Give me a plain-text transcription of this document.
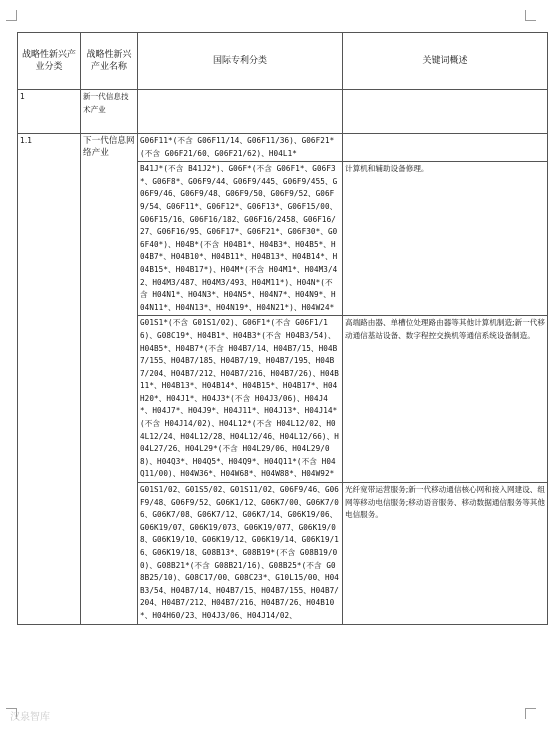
战略性新兴产业分类	战略性新兴产业名称	国际专利分类	关键词概述
1	新一代信息技术产业		
1.1	下一代信息网络产业	G06F11*(不含 G06F11/14、G06F11/36)、G06F21*(不含 G06F21/60、G06F21/62)、H04L1*	
		B41J*(不含 B41J2*)、G06F*(不含 G06F1*、G06F3*、G06F8*、G06F9/44、G06F9/445、G06F9/455、G06F9/46、G06F9/48、G06F9/50、G06F9/52、G06F9/54、G06F11*、G06F12*、G06F13*、G06F15/00、G06F15/16、G06F16/182、G06F16/2458、G06F16/27、G06F16/95、G06F17*、G06F21*、G06F30*、G06F40*)、H04B*(不含 H04B1*、H04B3*、H04B5*、H04B7*、H04B10*、H04B11*、H04B13*、H04B14*、H04B15*、H04B17*)、H04M*(不含 H04M1*、H04M3/42、H04M3/487、H04M3/493、H04M11*)、H04N*(不含 H04N1*、H04N3*、H04N5*、H04N7*、H04N9*、H04N11*、H04N13*、H04N19*、H04N21*)、H04W24*	计算机和辅助设备修理。
		G01S1*(不含 G01S1/02)、G06F1*(不含 G06F1/16)、G08C19*、H04B1*、H04B3*(不含 H04B3/54)、H04B5*、H04B7*(不含 H04B7/14、H04B7/15、H04B7/155、H04B7/185、H04B7/19、H04B7/195、H04B7/204、H04B7/212、H04B7/216、H04B7/26)、H04B11*、H04B13*、H04B14*、H04B15*、H04B17*、H04H20*、H04J1*、H04J3*(不含 H04J3/06)、H04J4*、H04J7*、H04J9*、H04J11*、H04J13*、H04J14*(不含 H04J14/02)、H04L12*(不含 H04L12/02、H04L12/24、H04L12/28、H04L12/46、H04L12/66)、H04L27/26、H04L29*(不含 H04L29/06、H04L29/08)、H04Q3*、H04Q5*、H04Q9*、H04Q11*(不含 H04Q11/00)、H04W36*、H04W68*、H04W88*、H04W92*	高端路由器、单槽位处理路由器等其他计算机制造;新一代移动通信基站设备、数字程控交换机等通信系统设备制造。
		G01S1/02、G01S5/02、G01S11/02、G06F9/46、G06F9/48、G06F9/52、G06K1/12、G06K7/00、G06K7/06、G06K7/08、G06K7/12、G06K7/14、G06K19/06、G06K19/07、G06K19/073、G06K19/077、G06K19/08、G06K19/10、G06K19/12、G06K19/14、G06K19/16、G06K19/18、G08B13*、G08B19*(不含 G08B19/00)、G08B21*(不含 G08B21/16)、G08B25*(不含 G08B25/10)、G08C17/00、G08C23*、G10L15/00、H04B3/54、H04B7/14、H04B7/15、H04B7/155、H04B7/204、H04B7/212、H04B7/216、H04B7/26、H04B10*、H04H60/23、H04J3/06、H04J14/02、	光纤宽带运营服务;新一代移动通信核心网和接入网建设、组网等移动电信服务;移动语音服务、移动数据通信服务等其他电信服务。
汉泉智库
